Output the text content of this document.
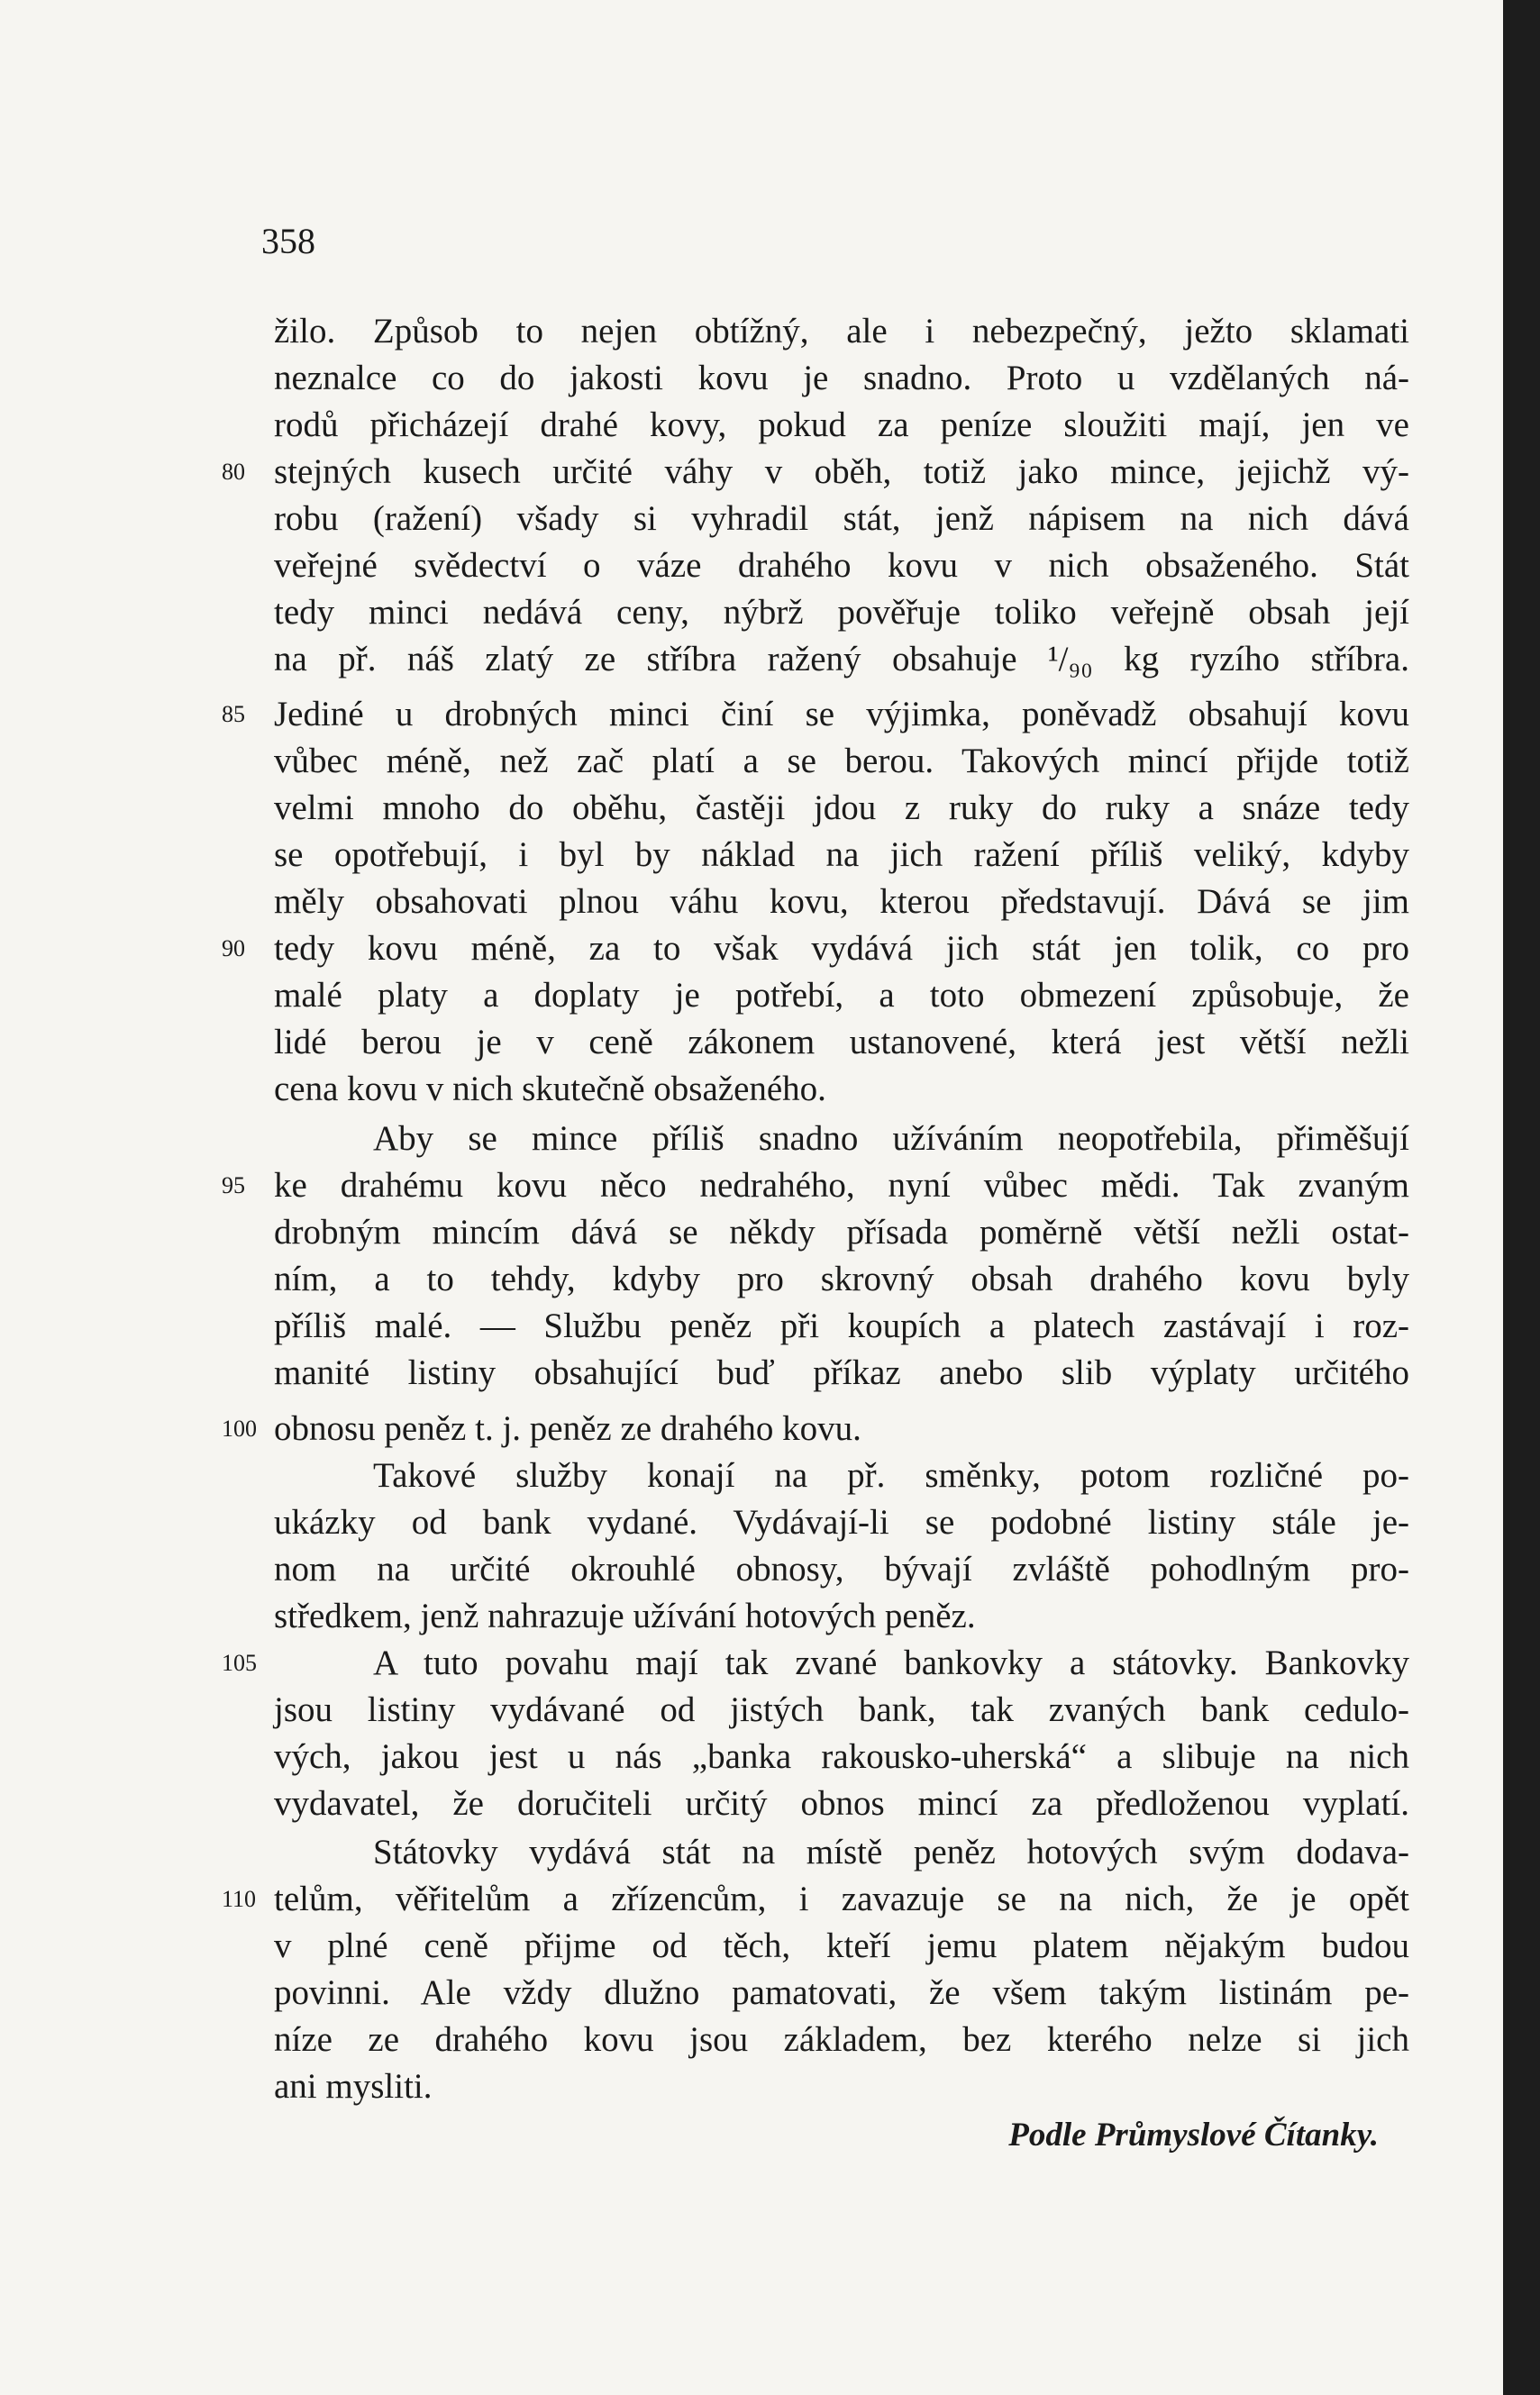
358
žilo. Způsob to nejen obtížný, ale i nebezpečný, ježto sklamati
neznalce co do jakosti kovu je snadno. Proto u vzdělaných ná-
rodů přicházejí drahé kovy, pokud za peníze sloužiti mají, jen ve
stejných kusech určité váhy v oběh, totiž jako mince, jejichž vý-
robu (ražení) všady si vyhradil stát, jenž nápisem na nich dává
veřejné svědectví o váze drahého kovu v nich obsaženého. Stát
tedy minci nedává ceny, nýbrž pověřuje toliko veřejně obsah její
na př. náš zlatý ze stříbra ražený obsahuje ¹/₉₀ kg ryzího stříbra.
Jediné u drobných minci činí se výjimka, poněvadž obsahují kovu
vůbec méně, než zač platí a se berou. Takových mincí přijde totiž
velmi mnoho do oběhu, častěji jdou z ruky do ruky a snáze tedy
se opotřebují, i byl by náklad na jich ražení příliš veliký, kdyby
měly obsahovati plnou váhu kovu, kterou představují. Dává se jim
tedy kovu méně, za to však vydává jich stát jen tolik, co pro
malé platy a doplaty je potřebí, a toto obmezení způsobuje, že
lidé berou je v ceně zákonem ustanovené, která jest větší nežli
cena kovu v nich skutečně obsaženého.
Aby se mince příliš snadno užíváním neopotřebila, přiměšují
ke drahému kovu něco nedrahého, nyní vůbec mědi. Tak zvaným
drobným mincím dává se někdy přísada poměrně větší nežli ostat-
ním, a to tehdy, kdyby pro skrovný obsah drahého kovu byly
příliš malé. — Službu peněz při koupích a platech zastávají i roz-
manité listiny obsahující buď příkaz anebo slib výplaty určitého
obnosu peněz t. j. peněz ze drahého kovu.
Takové služby konají na př. směnky, potom rozličné po-
ukázky od bank vydané. Vydávají-li se podobné listiny stále je-
nom na určité okrouhlé obnosy, bývají zvláště pohodlným pro-
středkem, jenž nahrazuje užívání hotových peněz.
A tuto povahu mají tak zvané bankovky a státovky. Bankovky
jsou listiny vydávané od jistých bank, tak zvaných bank cedulo-
vých, jakou jest u nás „banka rakousko-uherská“ a slibuje na nich
vydavatel, že doručiteli určitý obnos mincí za předloženou vyplatí.
Státovky vydává stát na místě peněz hotových svým dodava-
telům, věřitelům a zřízencům, i zavazuje se na nich, že je opět
v plné ceně přijme od těch, kteří jemu platem nějakým budou
povinni. Ale vždy dlužno pamatovati, že všem takým listinám pe-
níze ze drahého kovu jsou základem, bez kterého nelze si jich
ani mysliti.
80
85
90
95
100
105
110
Podle Průmyslové Čítanky.
